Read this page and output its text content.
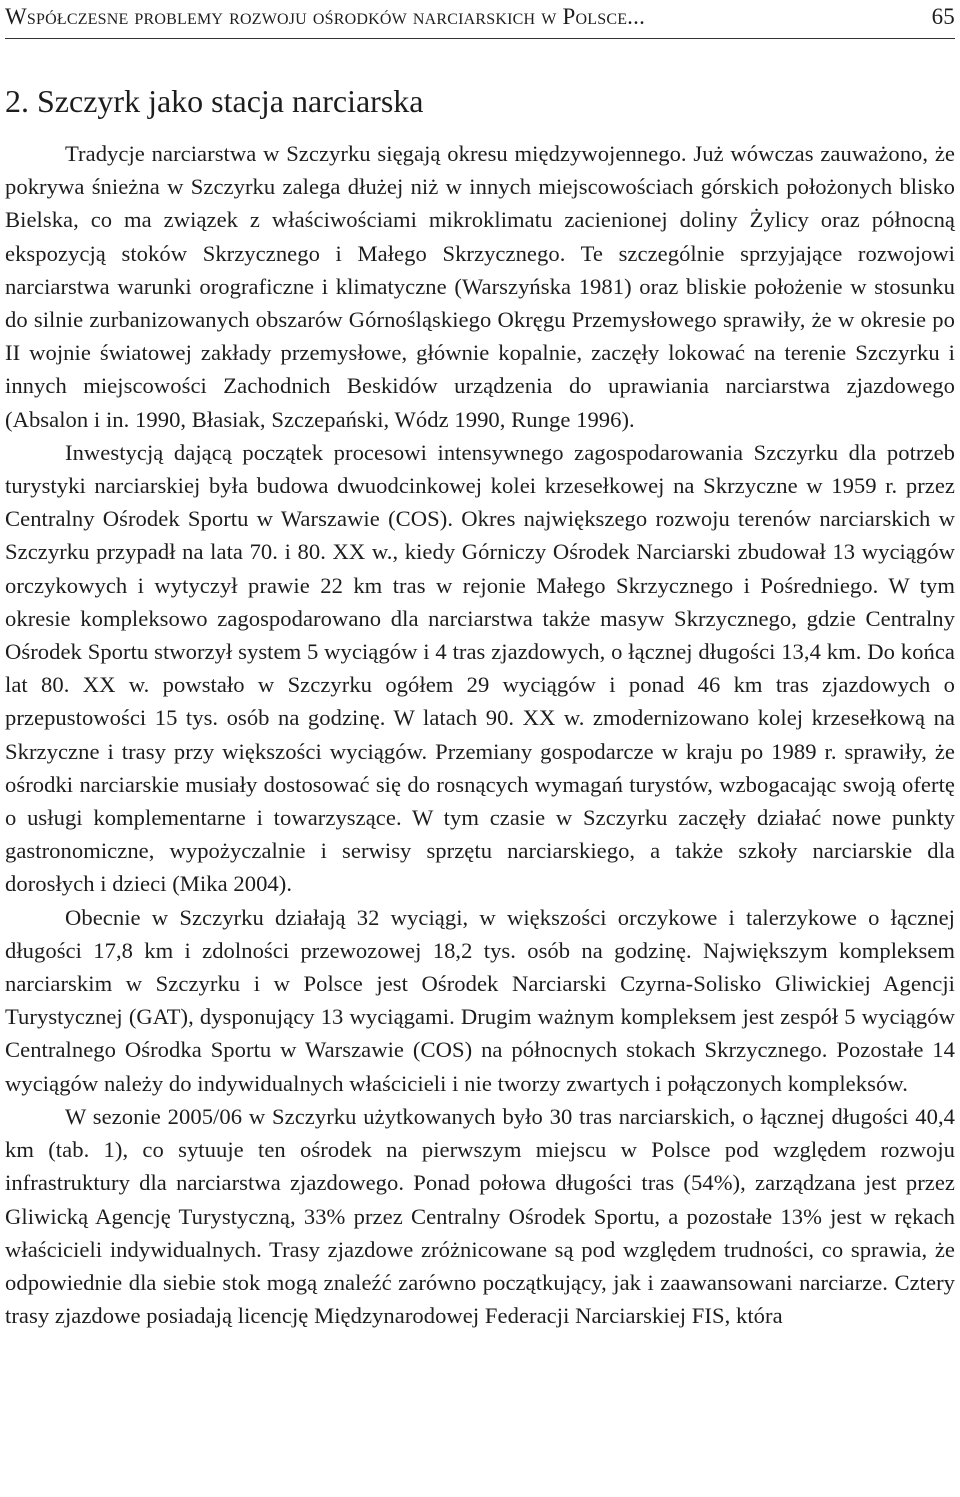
Współczesne problemy rozwoju ośrodków narciarskich w Polsce...	65
2. Szczyrk jako stacja narciarska

Tradycje narciarstwa w Szczyrku sięgają okresu międzywojennego. Już wówczas zauważono, że pokrywa śnieżna w Szczyrku zalega dłużej niż w innych miejscowościach górskich położonych blisko Bielska, co ma związek z właściwościami mikroklimatu zacienionej doliny Żylicy oraz północną ekspozycją stoków Skrzycznego i Małego Skrzycznego. Te szczególnie sprzyjające rozwojowi narciarstwa warunki orograficzne i klimatyczne (Warszyńska 1981) oraz bliskie położenie w stosunku do silnie zurbanizowanych obszarów Górnośląskiego Okręgu Przemysłowego sprawiły, że w okresie po II wojnie światowej zakłady przemysłowe, głównie kopalnie, zaczęły lokować na terenie Szczyrku i innych miejscowości Zachodnich Beskidów urządzenia do uprawiania narciarstwa zjazdowego (Absalon i in. 1990, Błasiak, Szczepański, Wódz 1990, Runge 1996).

Inwestycją dającą początek procesowi intensywnego zagospodarowania Szczyrku dla potrzeb turystyki narciarskiej była budowa dwuodcinkowej kolei krzesełkowej na Skrzyczne w 1959 r. przez Centralny Ośrodek Sportu w Warszawie (COS). Okres największego rozwoju terenów narciarskich w Szczyrku przypadł na lata 70. i 80. XX w., kiedy Górniczy Ośrodek Narciarski zbudował 13 wyciągów orczykowych i wytyczył prawie 22 km tras w rejonie Małego Skrzycznego i Pośredniego. W tym okresie kompleksowo zagospodarowano dla narciarstwa także masyw Skrzycznego, gdzie Centralny Ośrodek Sportu stworzył system 5 wyciągów i 4 tras zjazdowych, o łącznej długości 13,4 km. Do końca lat 80. XX w. powstało w Szczyrku ogółem 29 wyciągów i ponad 46 km tras zjazdowych o przepustowości 15 tys. osób na godzinę. W latach 90. XX w. zmodernizowano kolej krzesełkową na Skrzyczne i trasy przy większości wyciągów. Przemiany gospodarcze w kraju po 1989 r. sprawiły, że ośrodki narciarskie musiały dostosować się do rosnących wymagań turystów, wzbogacając swoją ofertę o usługi komplementarne i towarzyszące. W tym czasie w Szczyrku zaczęły działać nowe punkty gastronomiczne, wypożyczalnie i serwisy sprzętu narciarskiego, a także szkoły narciarskie dla dorosłych i dzieci (Mika 2004).

Obecnie w Szczyrku działają 32 wyciągi, w większości orczykowe i talerzykowe o łącznej długości 17,8 km i zdolności przewozowej 18,2 tys. osób na godzinę. Największym kompleksem narciarskim w Szczyrku i w Polsce jest Ośrodek Narciarski Czyrna-Solisko Gliwickiej Agencji Turystycznej (GAT), dysponujący 13 wyciągami. Drugim ważnym kompleksem jest zespół 5 wyciągów Centralnego Ośrodka Sportu w Warszawie (COS) na północnych stokach Skrzycznego. Pozostałe 14 wyciągów należy do indywidualnych właścicieli i nie tworzy zwartych i połączonych kompleksów.

W sezonie 2005/06 w Szczyrku użytkowanych było 30 tras narciarskich, o łącznej długości 40,4 km (tab. 1), co sytuuje ten ośrodek na pierwszym miejscu w Polsce pod względem rozwoju infrastruktury dla narciarstwa zjazdowego. Ponad połowa długości tras (54%), zarządzana jest przez Gliwicką Agencję Turystyczną, 33% przez Centralny Ośrodek Sportu, a pozostałe 13% jest w rękach właścicieli indywidualnych. Trasy zjazdowe zróżnicowane są pod względem trudności, co sprawia, że odpowiednie dla siebie stok mogą znaleźć zarówno początkujący, jak i zaawansowani narciarze. Cztery trasy zjazdowe posiadają licencję Międzynarodowej Federacji Narciarskiej FIS, która
